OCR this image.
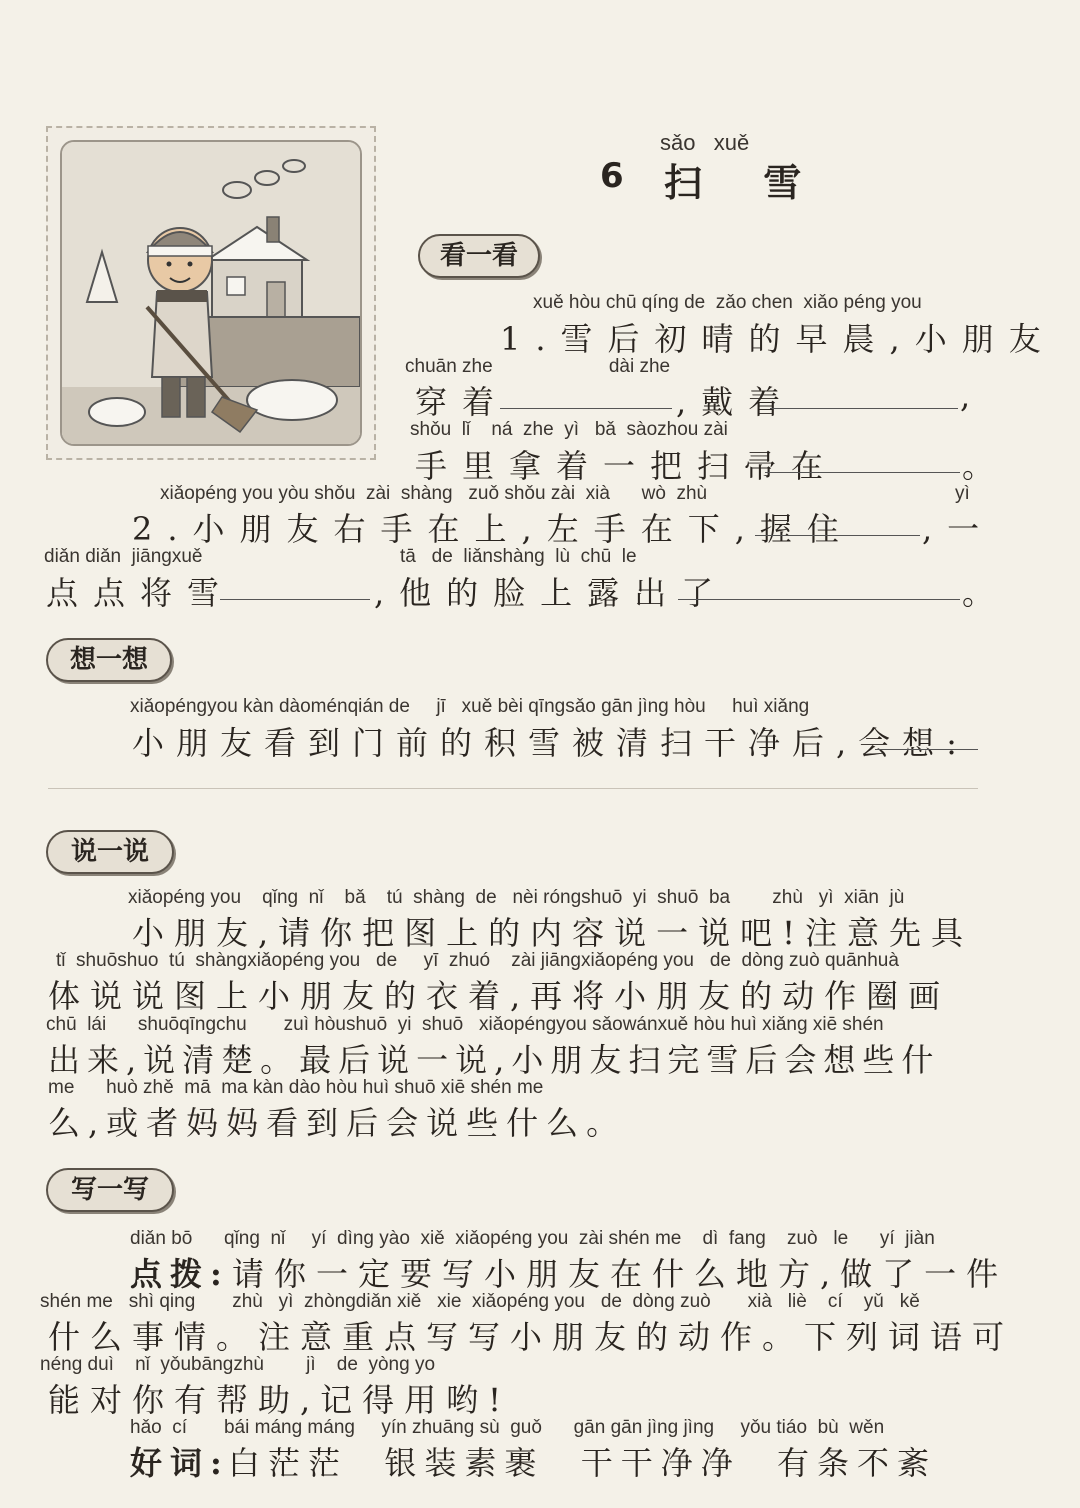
sǎo   xuě
6 扫 雪
看一看
xuě hòu chū qíng de  zǎo chen  xiǎo péng you
1.雪后初晴的早晨,小朋友
chuān zhe                      dài zhe
穿着	,戴着	,
shǒu  lǐ    ná  zhe  yì   bǎ  sàozhou zài
手里拿着一把扫帚在	。
xiǎopéng you yòu shǒu  zài  shàng   zuǒ shǒu zài  xià      wò  zhù	yì
2.小朋友右手在上,左手在下,握住 ,一
diǎn diǎn  jiāngxuě	tā   de  liǎnshàng  lù  chū  le
点点将雪	,他的脸上露出了	。
想一想
xiǎopéngyou kàn dàoménqián de     jī   xuě bèi qīngsǎo gān jìng hòu     huì xiǎng
小朋友看到门前的积雪被清扫干净后,会想:
说一说
xiǎopéng you    qǐng  nǐ    bǎ    tú  shàng  de   nèi róngshuō  yi  shuō  ba        zhù   yì  xiān  jù
小朋友,请你把图上的内容说一说吧!注意先具
tǐ  shuōshuo  tú  shàngxiǎopéng you   de     yī  zhuó    zài jiāngxiǎopéng you   de  dòng zuò quānhuà
体说说图上小朋友的衣着,再将小朋友的动作圈画
chū  lái      shuōqīngchu       zuì hòushuō  yi  shuō   xiǎopéngyou sǎowánxuě hòu huì xiǎng xiē shén
出来,说清楚。最后说一说,小朋友扫完雪后会想些什
me      huò zhě  mā  ma kàn dào hòu huì shuō xiē shén me
么,或者妈妈看到后会说些什么。
写一写
diǎn bō      qǐng  nǐ     yí  dìng yào  xiě  xiǎopéng you  zài shén me    dì  fang    zuò   le      yí  jiàn
点拨: 请你一定要写小朋友在什么地方,做了一件
shén me   shì qing       zhù   yì  zhòngdiǎn xiě   xie  xiǎopéng you   de  dòng zuò       xià   liè    cí    yǔ   kě
什么事情。注意重点写写小朋友的动作。下列词语可
néng duì    nǐ  yǒubāngzhù        jì    de  yòng yo
能对你有帮助,记得用哟!
hǎo  cí       bái máng máng     yín zhuāng sù  guǒ      gān gān jìng jìng     yǒu tiáo  bù  wěn
好词:
白茫茫  银装素裹  干干净净  有条不紊
